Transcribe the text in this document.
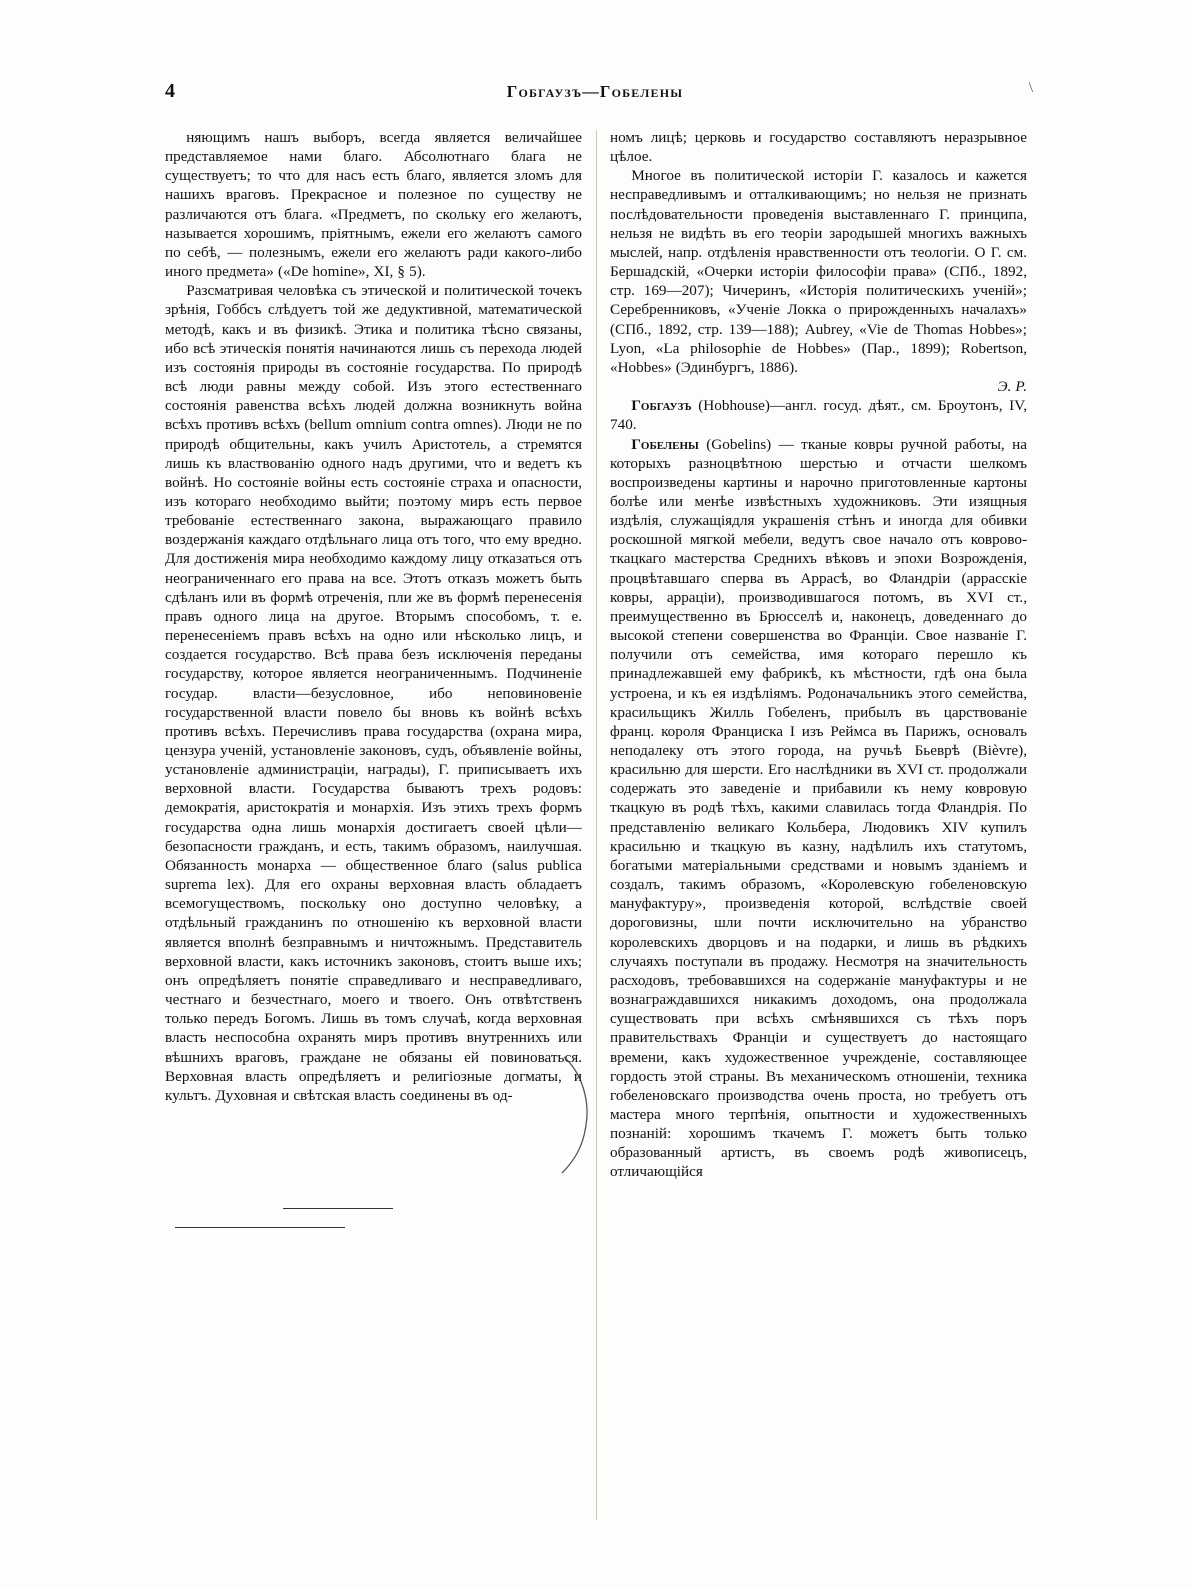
4	Гобгаузъ—Гобелены	\

няющимъ нашъ выборъ, всегда является величайшее представляемое нами благо. Абсолютнаго блага не существуетъ; то что для насъ есть благо, является зломъ для нашихъ враговъ. Прекрасное и полезное по существу не различаются отъ блага. «Предметъ, по скольку его желаютъ, называется хорошимъ, пріятнымъ, ежели его желаютъ самого по себѣ, — полезнымъ, ежели его желаютъ ради какого-либо иного предмета» («De homine», XI, § 5).

Разсматривая человѣка съ этической и политической точекъ зрѣнія, Гоббсъ слѣдуетъ той же дедуктивной, математической методѣ, какъ и въ физикѣ. Этика и политика тѣсно связаны, ибо всѣ этическія понятія начинаются лишь съ перехода людей изъ состоянія природы въ состояніе государства. По природѣ всѣ люди равны между собой. Изъ этого естественнаго состоянія равенства всѣхъ людей должна возникнуть война всѣхъ противъ всѣхъ (bellum omnium contra omnes). Люди не по природѣ общительны, какъ училъ Аристотель, а стремятся лишь къ властвованію одного надъ другими, что и ведетъ къ войнѣ. Но состояніе войны есть состояніе страха и опасности, изъ котораго необходимо выйти; поэтому миръ есть первое требованіе естественнаго закона, выражающаго правило воздержанія каждаго отдѣльнаго лица отъ того, что ему вредно. Для достиженія мира необходимо каждому лицу отказаться отъ неограниченнаго его права на все. Этотъ отказъ можетъ быть сдѣланъ или въ формѣ отреченія, пли же въ формѣ перенесенія правъ одного лица на другое. Вторымъ способомъ, т. е. перенесеніемъ правъ всѣхъ на одно или нѣсколько лицъ, и создается государство. Всѣ права безъ исключенія переданы государству, которое является неограниченнымъ. Подчиненіе государ. власти—безусловное, ибо неповиновеніе государственной власти повело бы вновь къ войнѣ всѣхъ противъ всѣхъ. Перечисливъ права государства (охрана мира, цензура ученій, установленіе законовъ, судъ, объявленіе войны, установленіе администраціи, награды), Г. приписываетъ ихъ верховной власти. Государства бываютъ трехъ родовъ: демократія, аристократія и монархія. Изъ этихъ трехъ формъ государства одна лишь монархія достигаетъ своей цѣли—безопасности гражданъ, и есть, такимъ образомъ, наилучшая. Обязанность монарха — общественное благо (salus publica suprema lex). Для его охраны верховная власть обладаетъ всемогуществомъ, поскольку оно доступно человѣку, а отдѣльный гражданинъ по отношенію къ верховной власти является вполнѣ безправнымъ и ничтожнымъ. Представитель верховной власти, какъ источникъ законовъ, стоитъ выше ихъ; онъ опредѣляетъ понятіе справедливаго и несправедливаго, честнаго и безчестнаго, моего и твоего. Онъ отвѣтственъ только передъ Богомъ. Лишь въ томъ случаѣ, когда верховная власть неспособна охранять миръ противъ внутреннихъ или вѣшнихъ враговъ, граждане не обязаны ей повиноваться. Верховная власть опредѣляетъ и религіозные догматы, и культъ. Духовная и свѣтская власть соединены въ од-

номъ лицѣ; церковь и государство составляютъ неразрывное цѣлое.

Многое въ политической исторіи Г. казалось и кажется несправедливымъ и отталкивающимъ; но нельзя не признать послѣдовательности проведенія выставленнаго Г. принципа, нельзя не видѣть въ его теоріи зародышей многихъ важныхъ мыслей, напр. отдѣленія нравственности отъ теологіи. О Г. см. Бершадскій, «Очерки исторіи философіи права» (СПб., 1892, стр. 169—207); Чичеринъ, «Исторія политическихъ ученій»; Серебренниковъ, «Ученіе Локка о прирожденныхъ началахъ» (СПб., 1892, стр. 139—188); Aubrey, «Vie de Thomas Hobbes»; Lyon, «La philosophie de Hobbes» (Пар., 1899); Robertson, «Hobbes» (Эдинбургъ, 1886).
Э. Р.

Гобгаузъ (Hobhouse)—англ. госуд. дѣят., см. Броутонъ, IV, 740.

Гобелены (Gobelins) — тканые ковры ручной работы, на которыхъ разноцвѣтною шерстью и отчасти шелкомъ воспроизведены картины и нарочно приготовленные картоны болѣе или менѣе извѣстныхъ художниковъ. Эти изящныя издѣлія, служащіядля украшенія стѣнъ и иногда для обивки роскошной мягкой мебели, ведутъ свое начало отъ коврово-ткацкаго мастерства Среднихъ вѣковъ и эпохи Возрожденія, процвѣтавшаго сперва въ Аррасѣ, во Фландріи (аррасскіе ковры, арраціи), производившагося потомъ, въ XVI ст., преимущественно въ Брюсселѣ и, наконецъ, доведеннаго до высокой степени совершенства во Франціи. Свое названіе Г. получили отъ семейства, имя котораго перешло къ принадлежавшей ему фабрикѣ, къ мѣстности, гдѣ она была устроена, и къ ея издѣліямъ. Родоначальникъ этого семейства, красильщикъ Жилль Гобеленъ, прибылъ въ царствованіе франц. короля Франциска I изъ Реймса въ Парижъ, основалъ неподалеку отъ этого города, на ручьѣ Бьеврѣ (Bièvre), красильню для шерсти. Его наслѣдники въ XVI ст. продолжали содержать это заведеніе и прибавили къ нему ковровую ткацкую въ родѣ тѣхъ, какими славилась тогда Фландрія. По представленію великаго Кольбера, Людовикъ XIV купилъ красильню и ткацкую въ казну, надѣлилъ ихъ статутомъ, богатыми матеріальными средствами и новымъ зданіемъ и создалъ, такимъ образомъ, «Королевскую гобеленовскую мануфактуру», произведенія которой, вслѣдствіе своей дороговизны, шли почти исключительно на убранство королевскихъ дворцовъ и на подарки, и лишь въ рѣдкихъ случаяхъ поступали въ продажу. Несмотря на значительность расходовъ, требовавшихся на содержаніе мануфактуры и не вознаграждавшихся никакимъ доходомъ, она продолжала существовать при всѣхъ смѣнявшихся съ тѣхъ поръ правительствахъ Франціи и существуетъ до настоящаго времени, какъ художественное учрежденіе, составляющее гордость этой страны. Въ механическомъ отношеніи, техника гобеленовскаго производства очень проста, но требуетъ отъ мастера много терпѣнія, опытности и художественныхъ познаній: хорошимъ ткачемъ Г. можетъ быть только образованный артистъ, въ своемъ родѣ живописецъ, отличающійся
